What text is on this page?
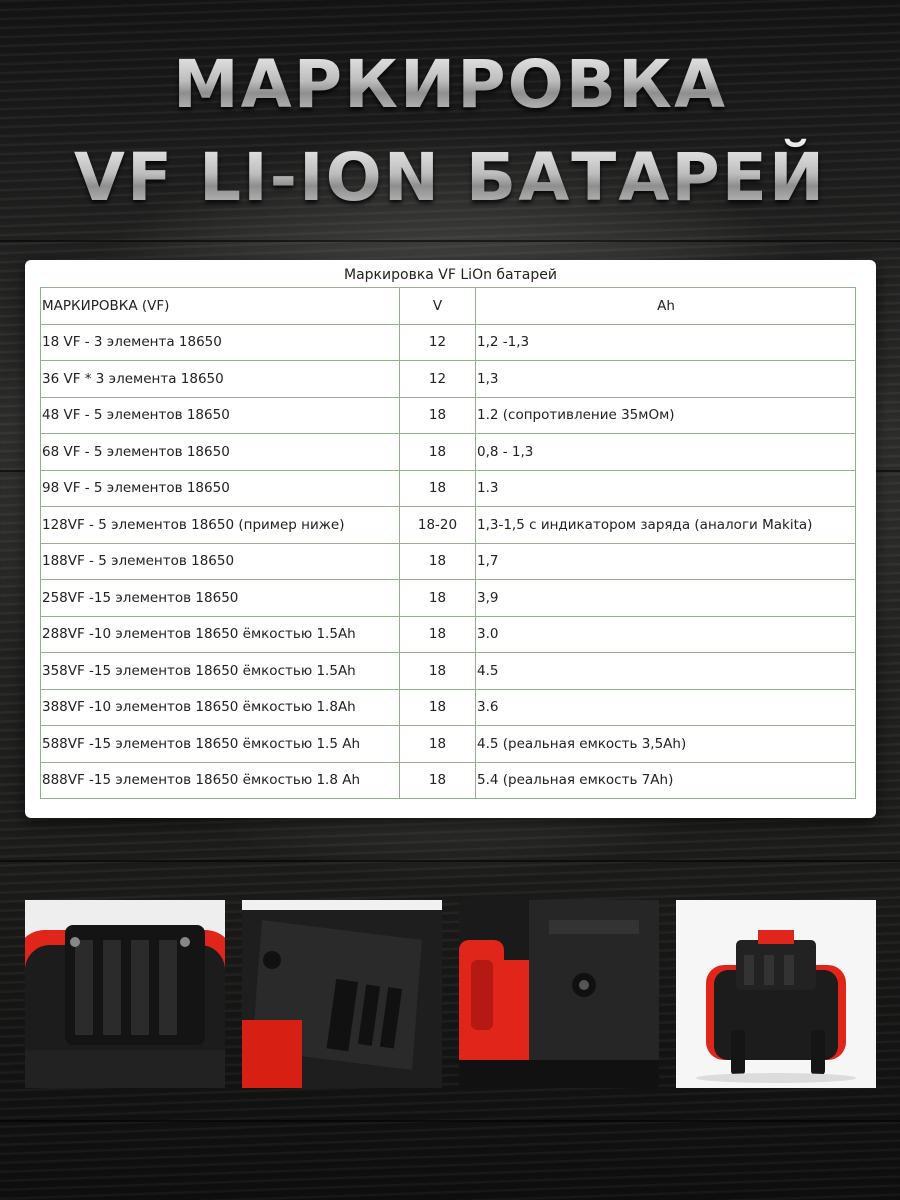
МАРКИРОВКА
VF LI-ION БАТАРЕЙ
Маркировка VF LiOn батарей
МАРКИРОВКА (VF)	V	Ah
18 VF - 3 элемента 18650	12	1,2 -1,3
36 VF * 3 элемента 18650	12	1,3
48 VF - 5 элементов 18650	18	1.2 (сопротивление 35мОм)
68 VF - 5 элементов 18650	18	0,8 - 1,3
98 VF - 5 элементов 18650	18	1.3
128VF - 5 элементов 18650 (пример ниже)	18-20	1,3-1,5 с индикатором заряда (аналоги Makita)
188VF - 5 элементов 18650	18	1,7
258VF -15 элементов 18650	18	3,9
288VF -10 элементов 18650 ёмкостью 1.5Ah	18	3.0
358VF -15 элементов 18650 ёмкостью 1.5Ah	18	4.5
388VF -10 элементов 18650 ёмкостью 1.8Ah	18	3.6
588VF -15 элементов 18650 ёмкостью 1.5 Ah	18	4.5 (реальная емкость 3,5Ah)
888VF -15 элементов 18650 ёмкостью 1.8 Ah	18	5.4 (реальная емкость 7Ah)
